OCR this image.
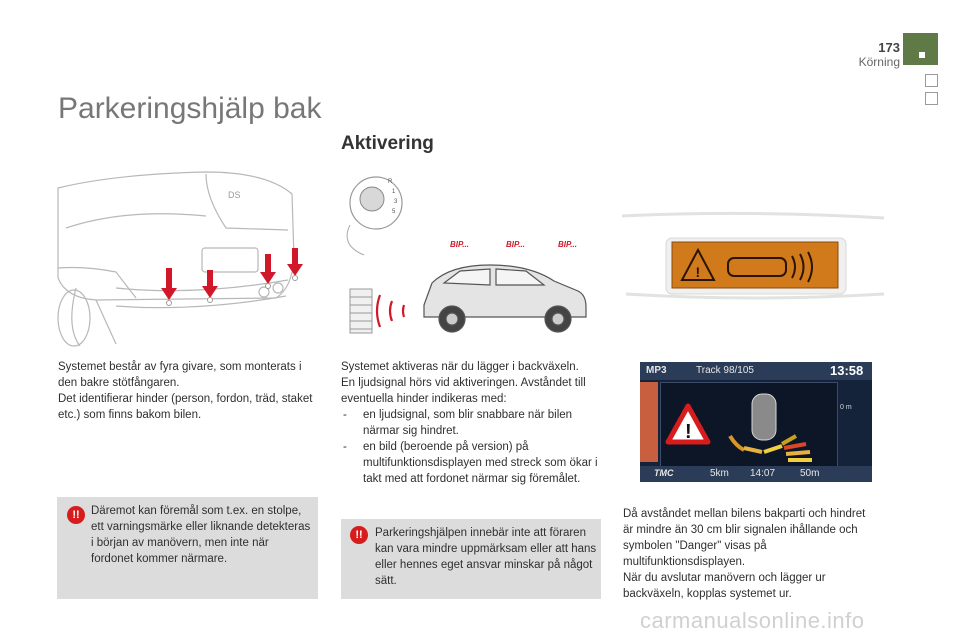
173
Körning
Parkeringshjälp bak
Aktivering
DS
R
1
3
5
BIP...	BIP...	BIP...
!
MP3	Track 98/105	13:58
!
0 m
TMC	5km 14:07 50m
Systemet består av fyra givare, som monterats i den bakre stötfångaren.
Det identifierar hinder (person, fordon, träd, staket etc.) som finns bakom bilen.
!! Däremot kan föremål som t.ex. en stolpe, ett varningsmärke eller liknande detekteras i början av manövern, men inte när fordonet kommer närmare.
Systemet aktiveras när du lägger i backväxeln.
En ljudsignal hörs vid aktiveringen. Avståndet till eventuella hinder indikeras med:
- en ljudsignal, som blir snabbare när bilen närmar sig hindret.
- en bild (beroende på version) på multifunktionsdisplayen med streck som ökar i takt med att fordonet närmar sig föremålet.
!!	Parkeringshjälpen innebär inte att föraren kan vara mindre uppmärksam eller att hans eller hennes eget ansvar minskar på något sätt.
Då avståndet mellan bilens bakparti och hindret är mindre än 30 cm blir signalen ihållande och symbolen "Danger" visas på multifunktionsdisplayen.
När du avslutar manövern och lägger ur backväxeln, kopplas systemet ur.
carmanualsonline.info
